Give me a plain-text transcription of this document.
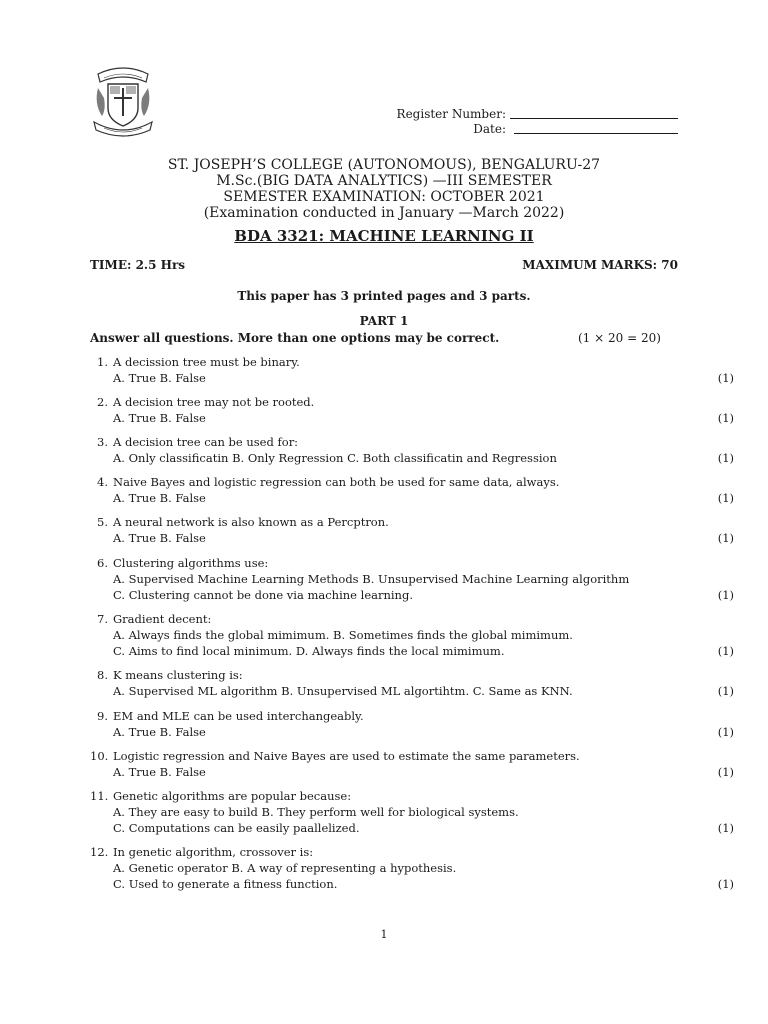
Register Number:
Date:
ST. JOSEPH’S COLLEGE (AUTONOMOUS), BENGALURU-27
M.Sc.(BIG DATA ANALYTICS) —III SEMESTER
SEMESTER EXAMINATION: OCTOBER 2021
(Examination conducted in January —March 2022)
BDA 3321: MACHINE LEARNING II
TIME: 2.5 Hrs	MAXIMUM MARKS: 70
This paper has 3 printed pages and 3 parts.
PART 1
Answer all questions. More than one options may be correct.	(1 × 20 = 20)
1. A decission tree must be binary.
A. True B. False	(1)
2. A decision tree may not be rooted.
A. True B. False	(1)
3. A decision tree can be used for:
A. Only classificatin B. Only Regression C. Both classificatin and Regression	(1)
4. Naive Bayes and logistic regression can both be used for same data, always.
A. True B. False	(1)
5. A neural network is also known as a Percptron.
A. True B. False	(1)
6. Clustering algorithms use:
A. Supervised Machine Learning Methods B. Unsupervised Machine Learning algorithm
C. Clustering cannot be done via machine learning.	(1)
7. Gradient decent:
A. Always finds the global mimimum. B. Sometimes finds the global mimimum.
C. Aims to find local minimum. D. Always finds the local mimimum.	(1)
8. K means clustering is:
A. Supervised ML algorithm B. Unsupervised ML algortihtm. C. Same as KNN.	(1)
9. EM and MLE can be used interchangeably.
A. True B. False	(1)
10. Logistic regression and Naive Bayes are used to estimate the same parameters.
A. True B. False	(1)
11. Genetic algorithms are popular because:
A. They are easy to build B. They perform well for biological systems.
C. Computations can be easily paallelized.	(1)
12. In genetic algorithm, crossover is:
A. Genetic operator B. A way of representing a hypothesis.
C. Used to generate a fitness function.	(1)
1
